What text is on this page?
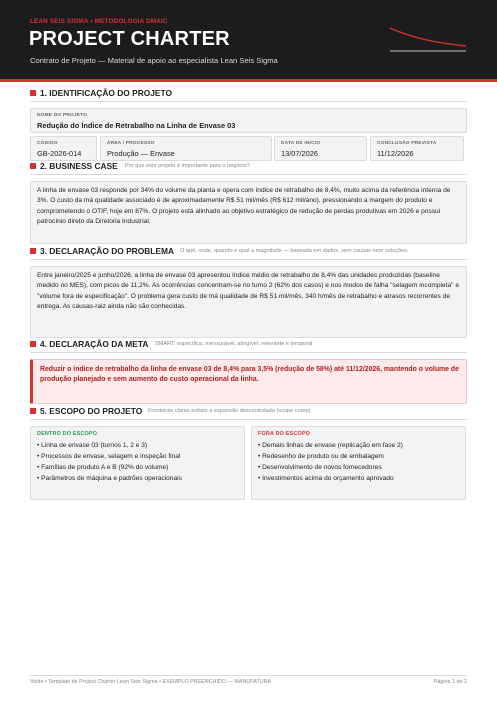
LEAN SEIS SIGMA • METODOLOGIA DMAIC
PROJECT CHARTER
Contrato de Projeto — Material de apoio ao especialista Lean Seis Sigma
1. IDENTIFICAÇÃO DO PROJETO
NOME DO PROJETO
Redução do Índice de Retrabalho na Linha de Envase 03
CÓDIGO
GB-2026-014
ÁREA / PROCESSO
Produção — Envase
DATA DE INÍCIO
13/07/2026
CONCLUSÃO PREVISTA
11/12/2026
2. BUSINESS CASE Por que este projeto é importante para o negócio?
A linha de envase 03 responde por 34% do volume da planta e opera com índice de retrabalho de 8,4%, muito acima da referência interna de 3%. O custo da má qualidade associado é de aproximadamente R$ 51 mil/mês (R$ 612 mil/ano), pressionando a margem do produto e comprometendo o OTIF, hoje em 87%. O projeto está alinhado ao objetivo estratégico de redução de perdas produtivas em 2026 e possui patrocínio direto da Diretoria Industrial.
3. DECLARAÇÃO DO PROBLEMA O quê, onde, quando e qual a magnitude — baseada em dados, sem causas nem soluções.
Entre janeiro/2025 e junho/2026, a linha de envase 03 apresentou índice médio de retrabalho de 8,4% das unidades produzidas (baseline medido no MES), com picos de 11,2%. As ocorrências concentram-se no turno 2 (62% dos casos) e nos modos de falha "selagem incompleta" e "volume fora de especificação". O problema gera custo de má qualidade de R$ 51 mil/mês, 340 h/mês de retrabalho e atrasos recorrentes de entrega. As causas-raiz ainda não são conhecidas.
4. DECLARAÇÃO DA META SMART: específica, mensurável, atingível, relevante e temporal
Reduzir o índice de retrabalho da linha de envase 03 de 8,4% para 3,5% (redução de 58%) até 11/12/2026, mantendo o volume de produção planejado e sem aumento do custo operacional da linha.
5. ESCOPO DO PROJETO Fronteiras claras evitam a expansão descontrolada (scope creep)
DENTRO DO ESCOPO
• Linha de envase 03 (turnos 1, 2 e 3)
• Processos de envase, selagem e inspeção final
• Famílias de produto A e B (92% do volume)
• Parâmetros de máquina e padrões operacionais
FORA DO ESCOPO
• Demais linhas de envase (replicação em fase 2)
• Redesenho de produto ou de embalagem
• Desenvolvimento de novos fornecedores
• Investimentos acima do orçamento aprovado
Voitto • Template de Project Charter Lean Seis Sigma • EXEMPLO PREENCHIDO — MANUFATURA	Página 1 de 2
